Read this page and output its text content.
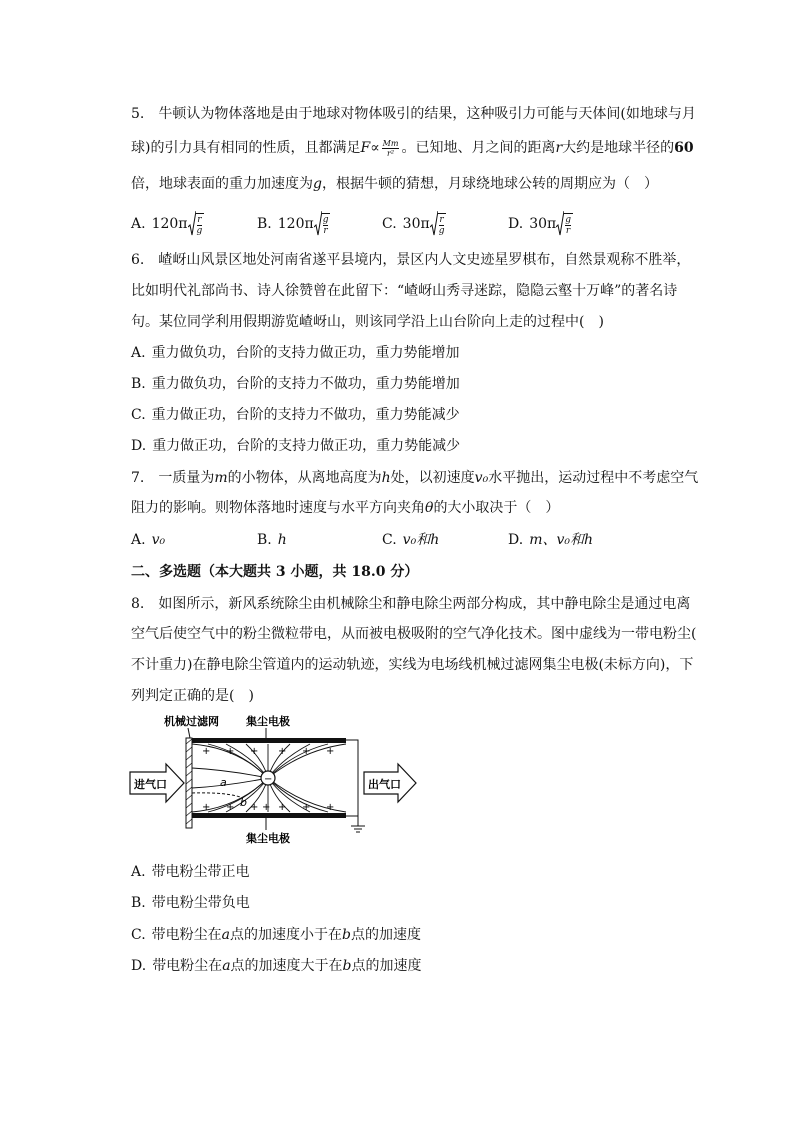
5.　牛顿认为物体落地是由于地球对物体吸引的结果，这种吸引力可能与天体间(如地球与月
球)的引力具有相同的性质，且都满足$F\propto \frac{Mm}{\text{r²}}$ 。已知地、月之间的距离r大约是地球半径的60
倍，地球表面的重力加速度为g，根据牛顿的猜想，月球绕地球公转的周期应为（　）
A. $120\pi \frac{r}{g}$	B. $120\pi \frac{g}{r}$	C. $30\pi \frac{r}{g}$	D. $30\pi \frac{g}{r}$
6.　嵖岈山风景区地处河南省遂平县境内，景区内人文史迹星罗棋布，自然景观称不胜举，
比如明代礼部尚书、诗人徐赞曾在此留下：“嵖岈山秀寻迷踪，隐隐云壑十万峰”的著名诗
句。某位同学利用假期游览嵖岈山，则该同学沿上山台阶向上走的过程中(　)
A. 重力做负功，台阶的支持力做正功，重力势能增加
B. 重力做负功，台阶的支持力不做功，重力势能增加
C. 重力做正功，台阶的支持力不做功，重力势能减少
D. 重力做正功，台阶的支持力做正功，重力势能减少
7.　一质量为m的小物体，从离地高度为h处，以初速度v₀水平抛出，运动过程中不考虑空气
阻力的影响。则物体落地时速度与水平方向夹角θ的大小取决于（　）
A. v₀	B. h	C. v₀和h	D. m、v₀和h
二、多选题（本大题共 3 小题，共 18.0 分）
8.　如图所示，新风系统除尘由机械除尘和静电除尘两部分构成，其中静电除尘是通过电离
空气后使空气中的粉尘微粒带电，从而被电极吸附的空气净化技术。图中虚线为一带电粉尘(
不计重力)在静电除尘管道内的运动轨迹，实线为电场线机械过滤网集尘电极(未标方向)，下
列判定正确的是(　)
机械过滤网 集尘电极
集尘电极
−
a
b
+ + + + + +
+ + + + + + +
进气口	出气口
A. 带电粉尘带正电
B. 带电粉尘带负电
C. 带电粉尘在a点的加速度小于在b点的加速度
D. 带电粉尘在a点的加速度大于在b点的加速度
